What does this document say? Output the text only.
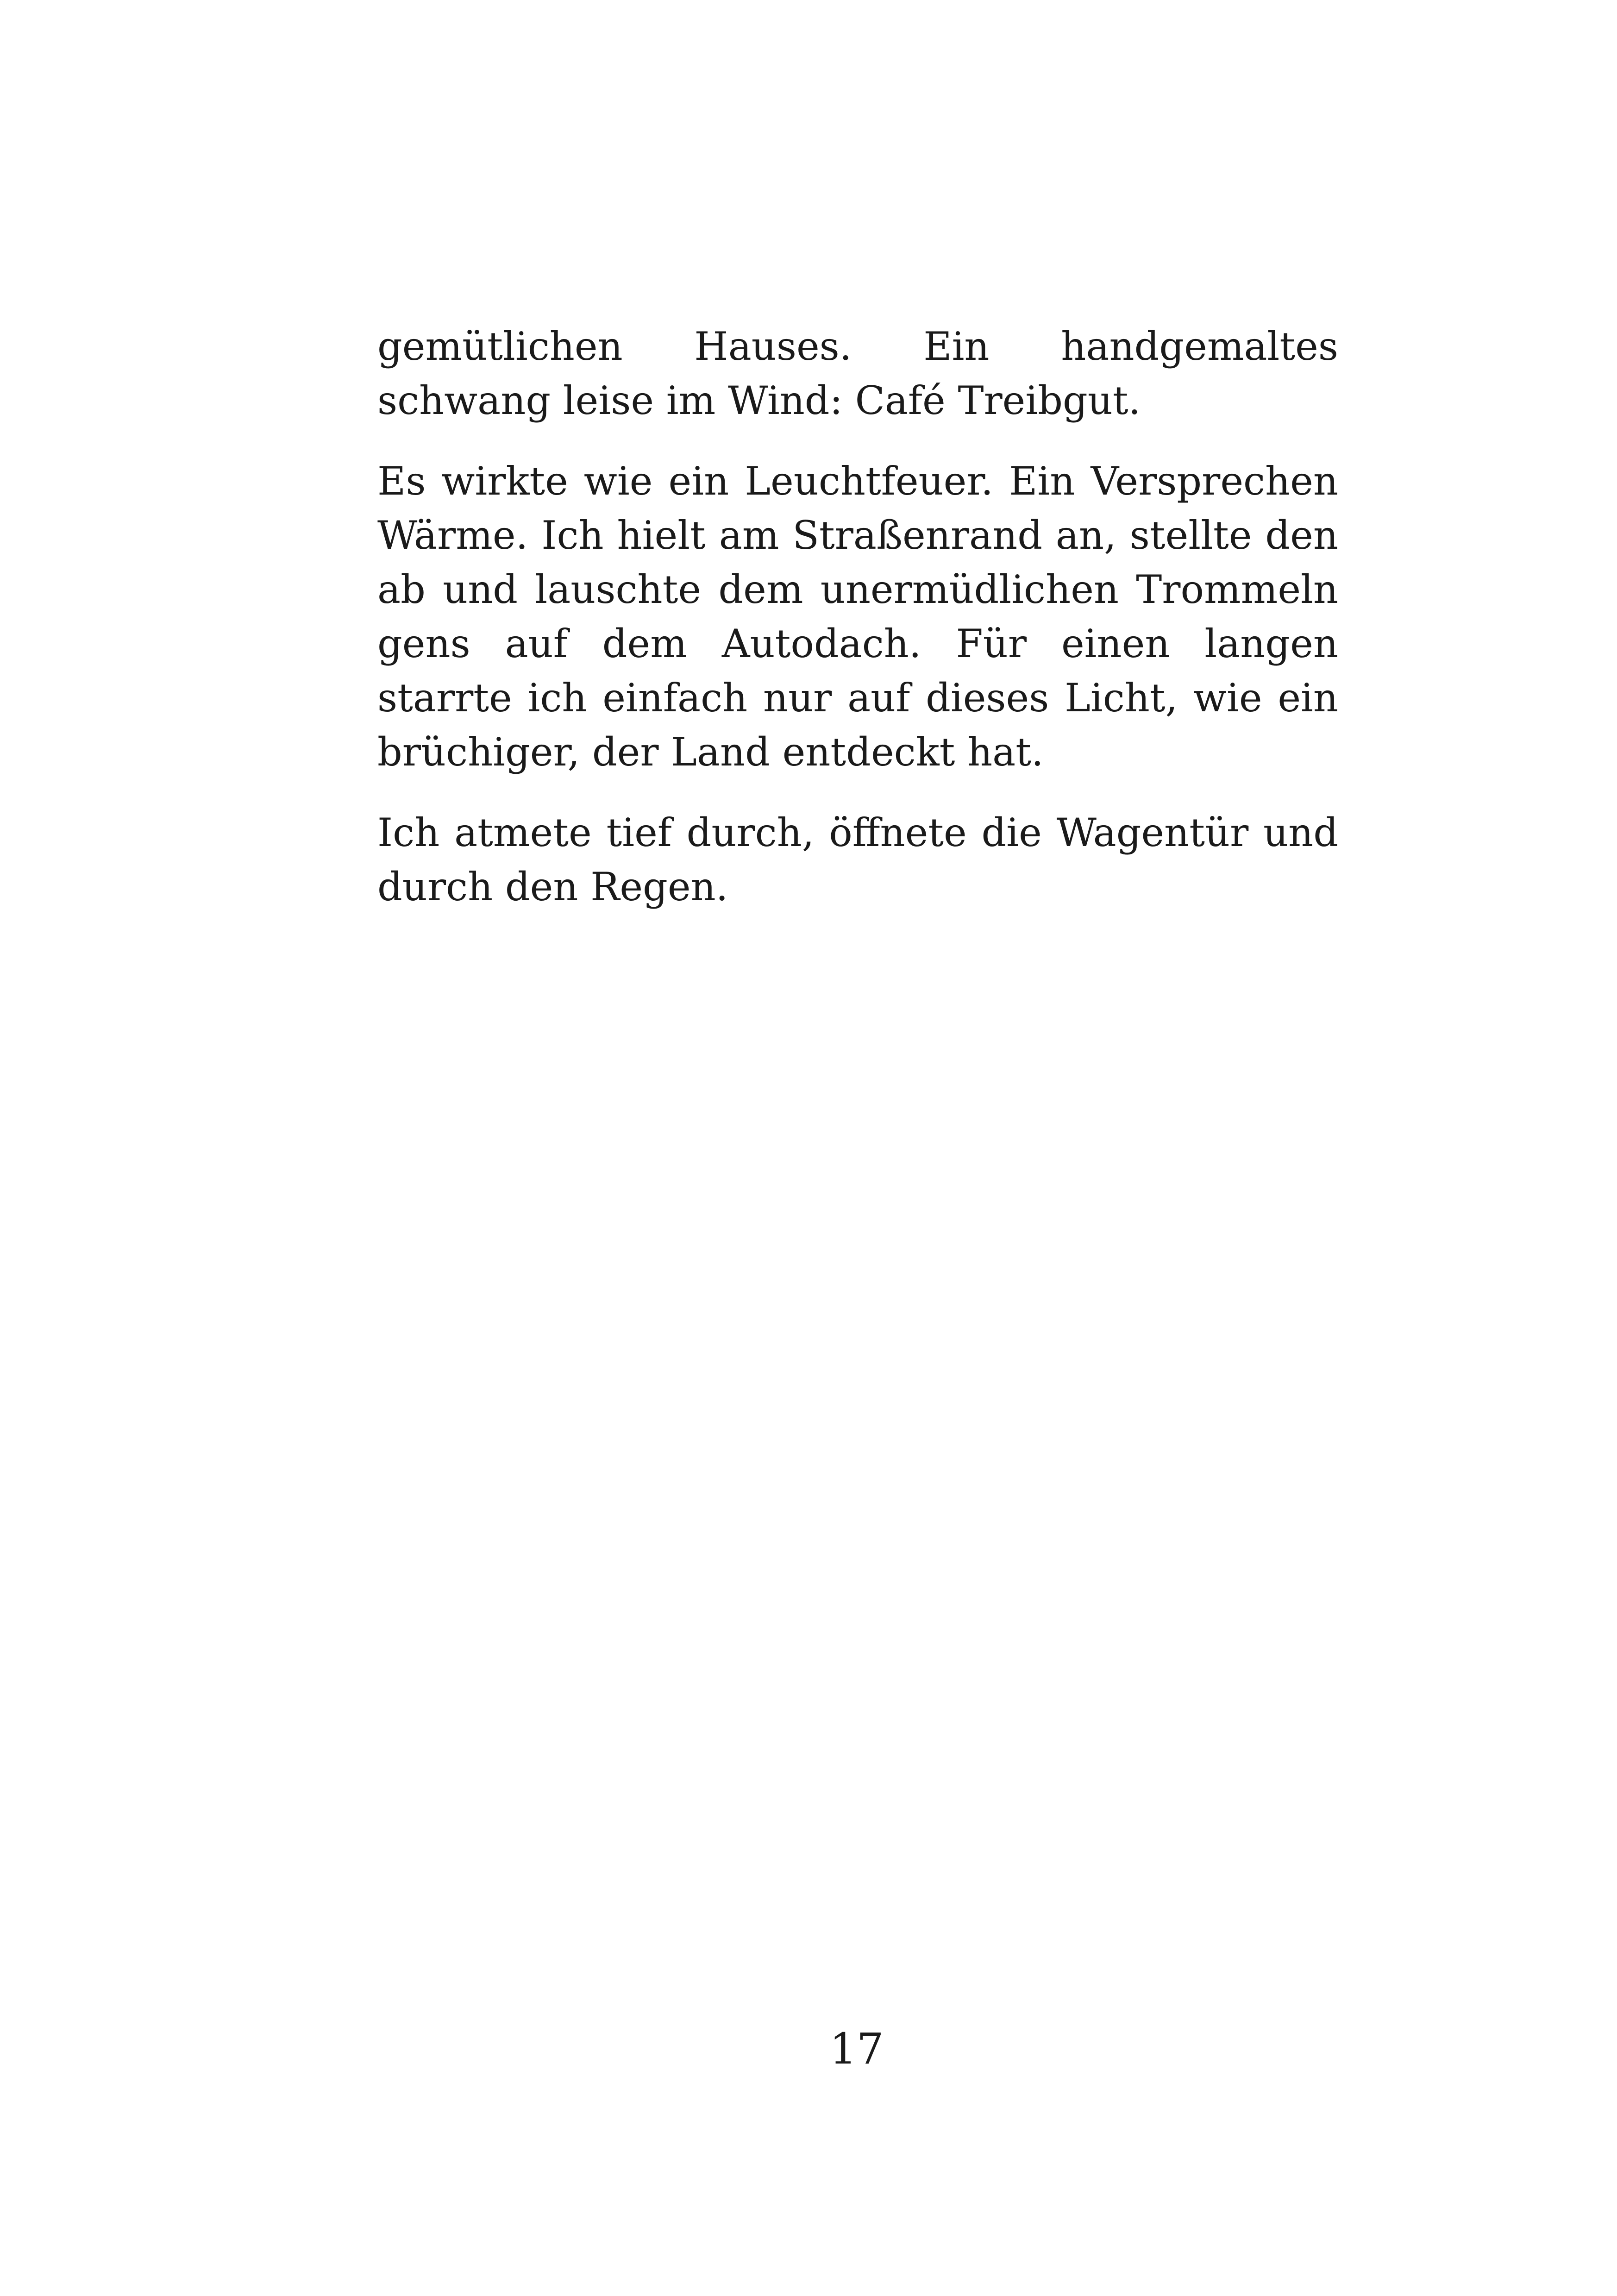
gemütlichen Hauses. Ein handgemaltes
schwang leise im Wind: Café Treibgut.
Es wirkte wie ein Leuchtfeuer. Ein Versprechen
Wärme. Ich hielt am Straßenrand an, stellte den
ab und lauschte dem unermüdlichen Trommeln
gens auf dem Autodach. Für einen langen
starrte ich einfach nur auf dieses Licht, wie ein
brüchiger, der Land entdeckt hat.
Ich atmete tief durch, öffnete die Wagentür und
durch den Regen.
17
